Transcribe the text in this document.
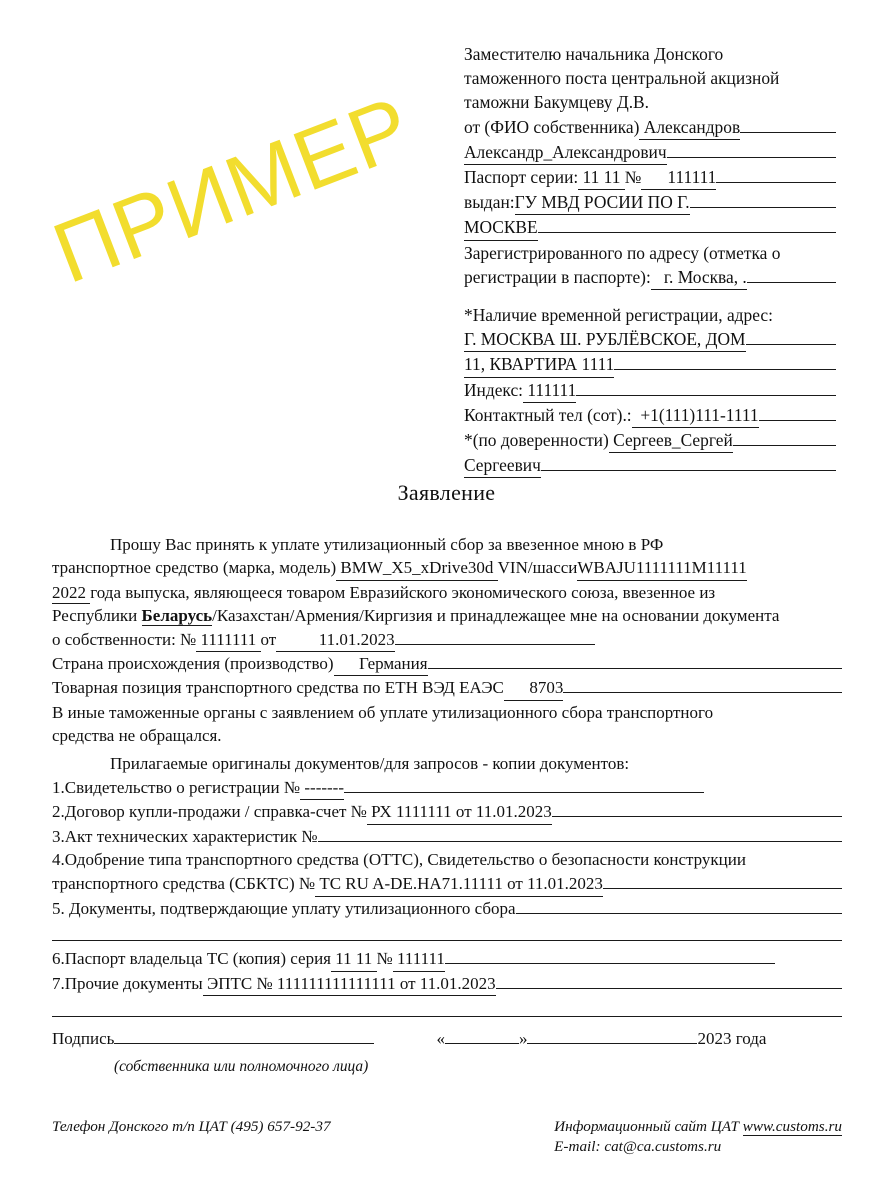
ПРИМЕР
Заместителю начальника Донского
таможенного поста центральной акцизной
таможни Бакумцеву Д.В.
от (ФИО собственника) Александров
Александр_Александрович
Паспорт серии: 11 11 № 111111
выдан: ГУ МВД РОСИИ ПО Г.
МОСКВЕ
Зарегистрированного по адресу (отметка о
регистрации в паспорте): г. Москва, .
*Наличие временной регистрации, адрес:
Г. МОСКВА Ш. РУБЛЁВСКОЕ, ДОМ
11, КВАРТИРА 1111
Индекс: 111111
Контактный тел (сот).: +1(111)111-1111
*(по доверенности) Сергеев_Сергей
Сергеевич
Заявление

Прошу Вас принять к уплате утилизационный сбор за ввезенное мною в РФ

транспортное средство (марка, модель) BMW_X5_xDrive30d VIN/шасси WBAJU1111111M11111

2022 года выпуска, являющееся товаром Евразийского экономического союза, ввезенное из

Республики Беларусь/Казахстан/Армения/Киргизия и принадлежащее мне на основании документа

о собственности: № 1111111 от 11.01.2023
Страна происхождения (производство) Германия
Товарная позиция транспортного средства по ЕТН ВЭД ЕАЭС 8703

В иные таможенные органы с заявлением об уплате утилизационного сбора транспортного

средства не обращался.

Прилагаемые оригиналы документов/для запросов - копии документов:

1.Свидетельство о регистрации № -------
2.Договор купли-продажи / справка-счет № РХ 1111111 от 11.01.2023
3.Акт технических характеристик №

4.Одобрение типа транспортного средства (ОТТС), Свидетельство о безопасности конструкции

транспортного средства (СБКТС) № ТС RU A-DE.НА71.11111 от 11.01.2023
5. Документы, подтверждающие уплату утилизационного сбора
6.Паспорт владельца ТС (копия) серия 11 11 № 111111
7.Прочие документы ЭПТС № 111111111111111 от 11.01.2023
Подпись	«	»	2023 года
(собственника или полномочного лица)
Телефон Донского т/п ЦАТ (495) 657-92-37	Информационный сайт ЦАТ www.customs.ru
E-mail: cat@ca.customs.ru
